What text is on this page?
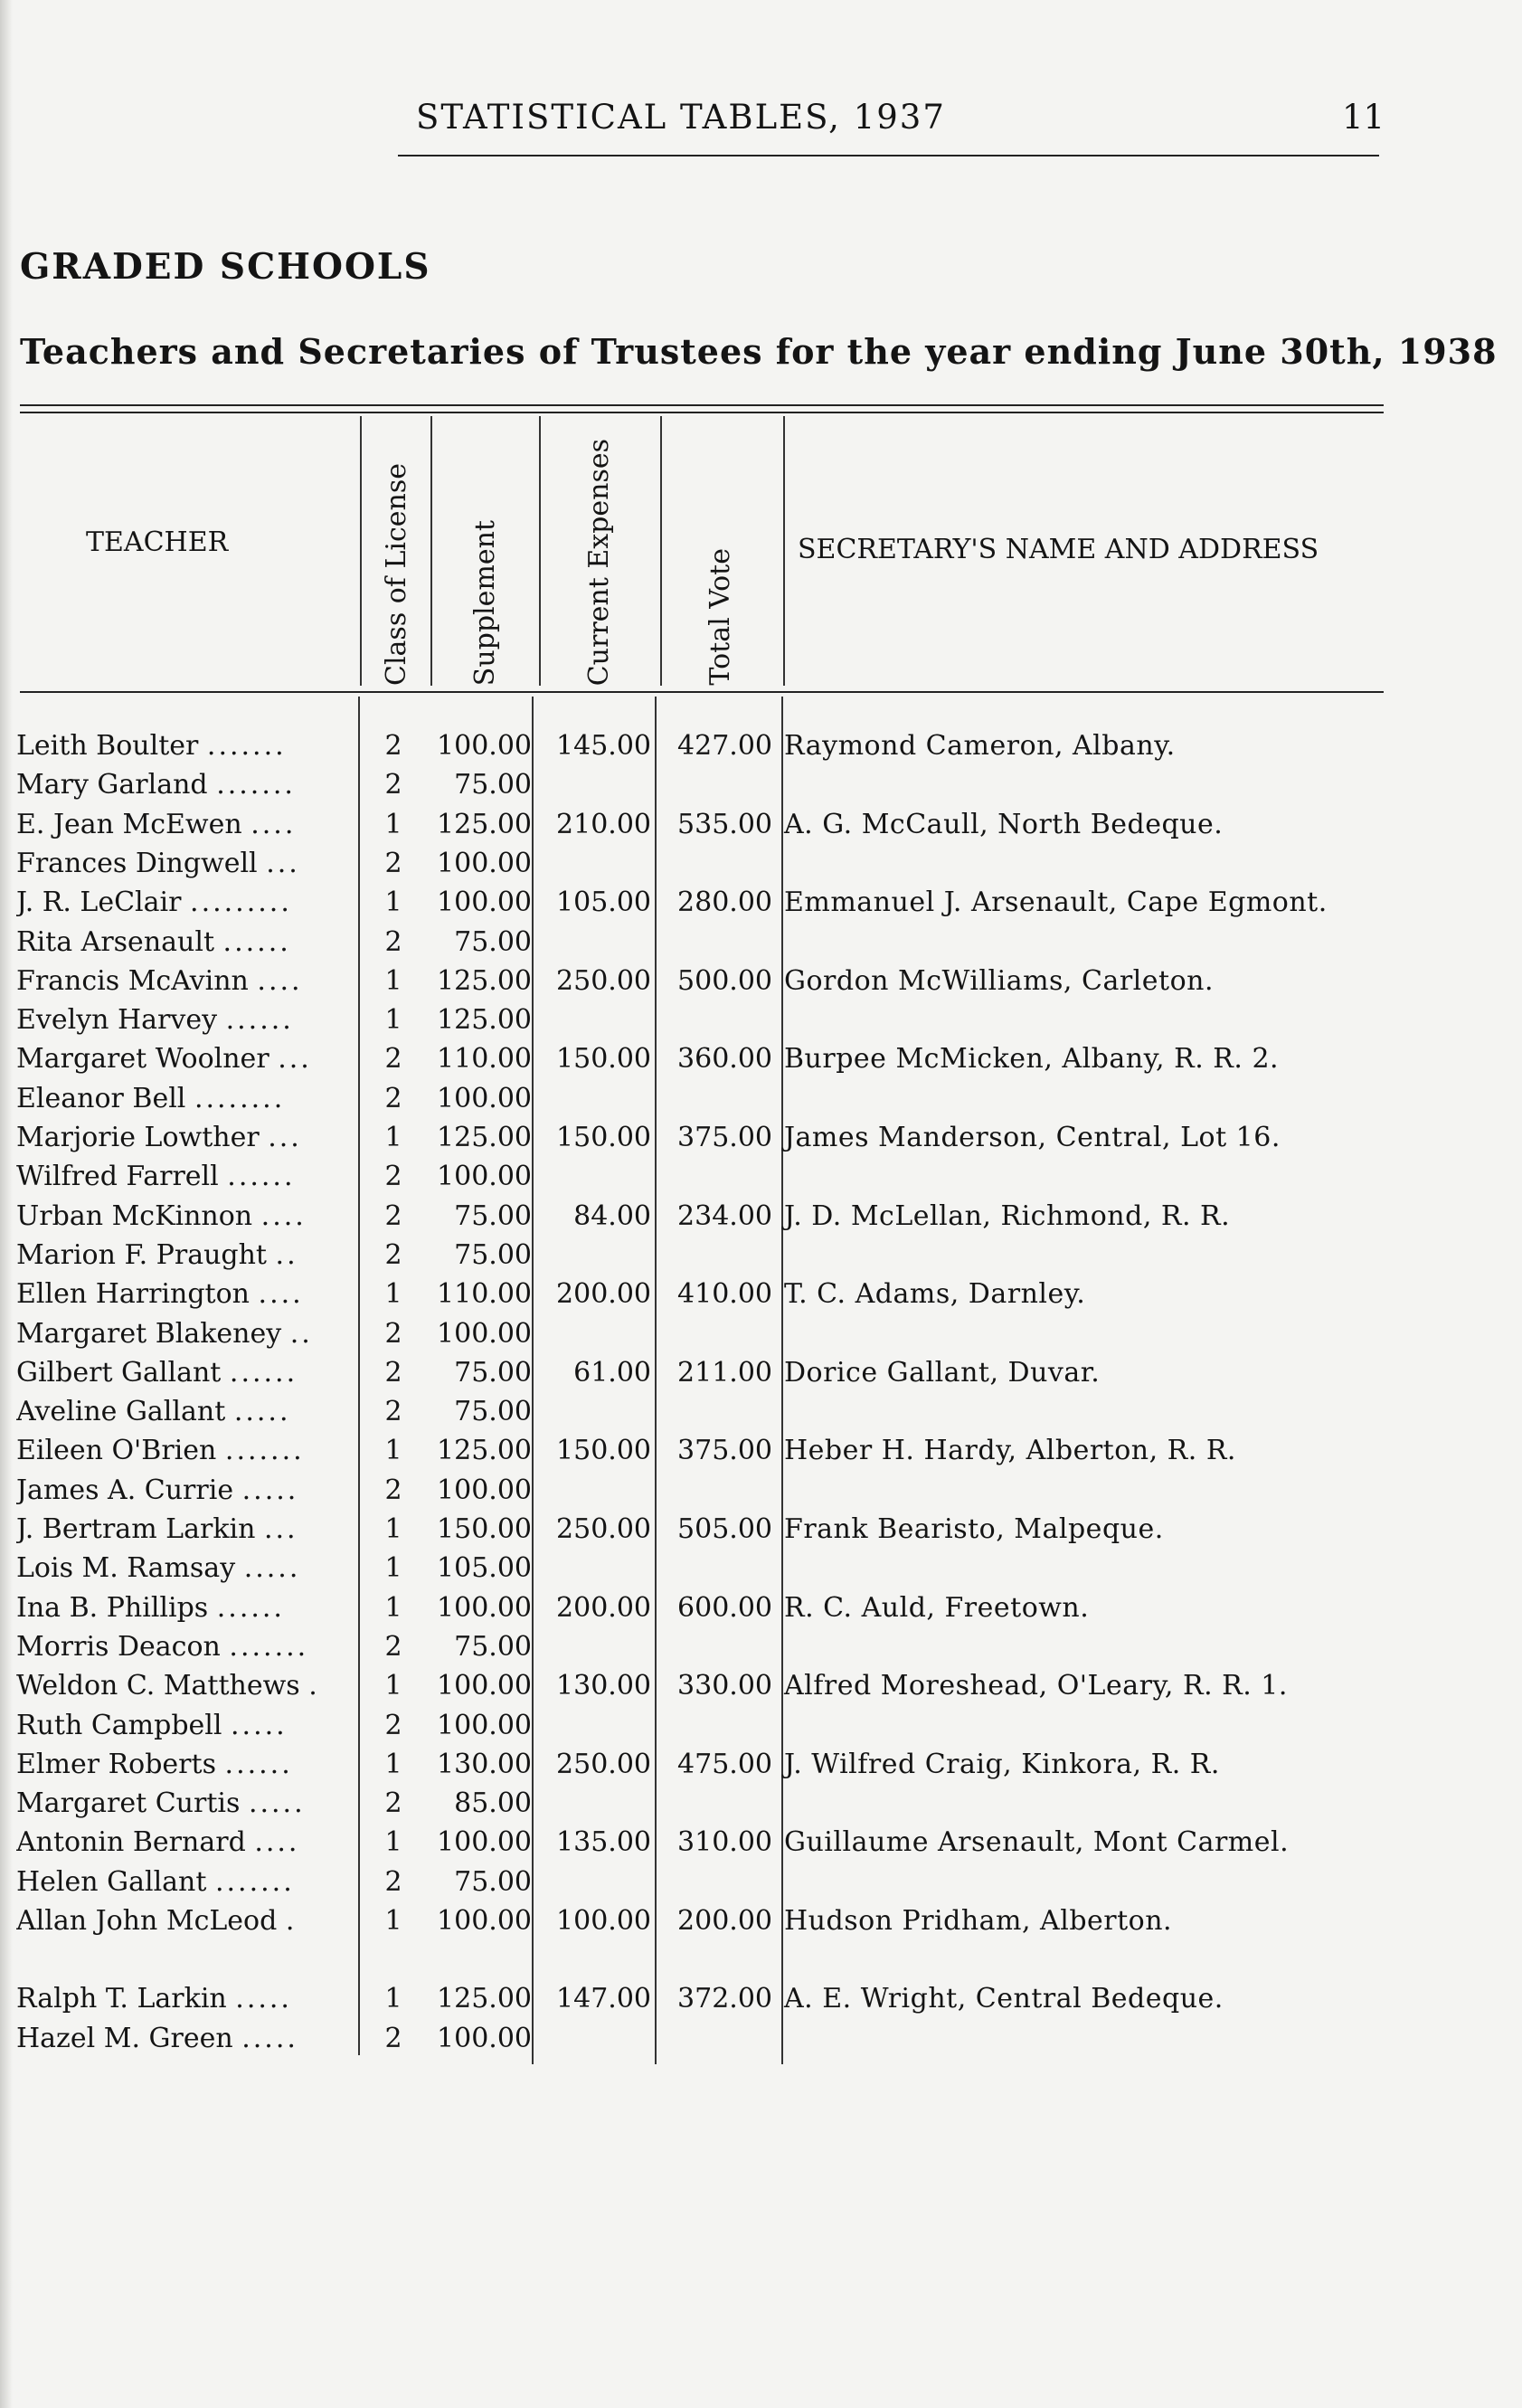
STATISTICAL TABLES, 1937	11
GRADED SCHOOLS
Teachers and Secretaries of Trustees for the year ending June 30th, 1938
TEACHER	Class of License Supplement	Current Expenses	Total Vote SECRETARY'S NAME AND ADDRESS
Leith Boulter .......	2	100.00 145.00 427.00 Raymond Cameron, Albany.
Mary Garland .......	2	75.00
E. Jean McEwen ....	1	125.00 210.00 535.00 A. G. McCaull, North Bedeque.
Frances Dingwell ...	2	100.00
J. R. LeClair .........	1	100.00 105.00 280.00 Emmanuel J. Arsenault, Cape Egmont.
Rita Arsenault ......	2	75.00
Francis McAvinn ....	1	125.00 250.00 500.00 Gordon McWilliams, Carleton.
Evelyn Harvey ......	1	125.00
Margaret Woolner ...	2	110.00 150.00 360.00 Burpee McMicken, Albany, R. R. 2.
Eleanor Bell ........	2	100.00
Marjorie Lowther ...	1	125.00 150.00 375.00 James Manderson, Central, Lot 16.
Wilfred Farrell ......	2	100.00
Urban McKinnon ....	2	75.00	84.00 234.00 J. D. McLellan, Richmond, R. R.
Marion F. Praught ..	2	75.00
Ellen Harrington ....	1	110.00 200.00 410.00 T. C. Adams, Darnley.
Margaret Blakeney ..	2	100.00
Gilbert Gallant ......	2	75.00	61.00 211.00 Dorice Gallant, Duvar.
Aveline Gallant .....	2	75.00
Eileen O'Brien .......	1	125.00 150.00 375.00 Heber H. Hardy, Alberton, R. R.
James A. Currie .....	2	100.00
J. Bertram Larkin ...	1	150.00 250.00 505.00 Frank Bearisto, Malpeque.
Lois M. Ramsay .....	1	105.00
Ina B. Phillips ......	1	100.00 200.00 600.00 R. C. Auld, Freetown.
Morris Deacon .......	2	75.00
Weldon C. Matthews .	1	100.00 130.00 330.00 Alfred Moreshead, O'Leary, R. R. 1.
Ruth Campbell .....	2	100.00
Elmer Roberts ......	1	130.00 250.00 475.00 J. Wilfred Craig, Kinkora, R. R.
Margaret Curtis .....	2	85.00
Antonin Bernard ....	1	100.00 135.00 310.00 Guillaume Arsenault, Mont Carmel.
Helen Gallant .......	2	75.00
Allan John McLeod .	1	100.00 100.00 200.00 Hudson Pridham, Alberton.
Ralph T. Larkin .....	1	125.00 147.00 372.00 A. E. Wright, Central Bedeque.
Hazel M. Green .....	2	100.00
